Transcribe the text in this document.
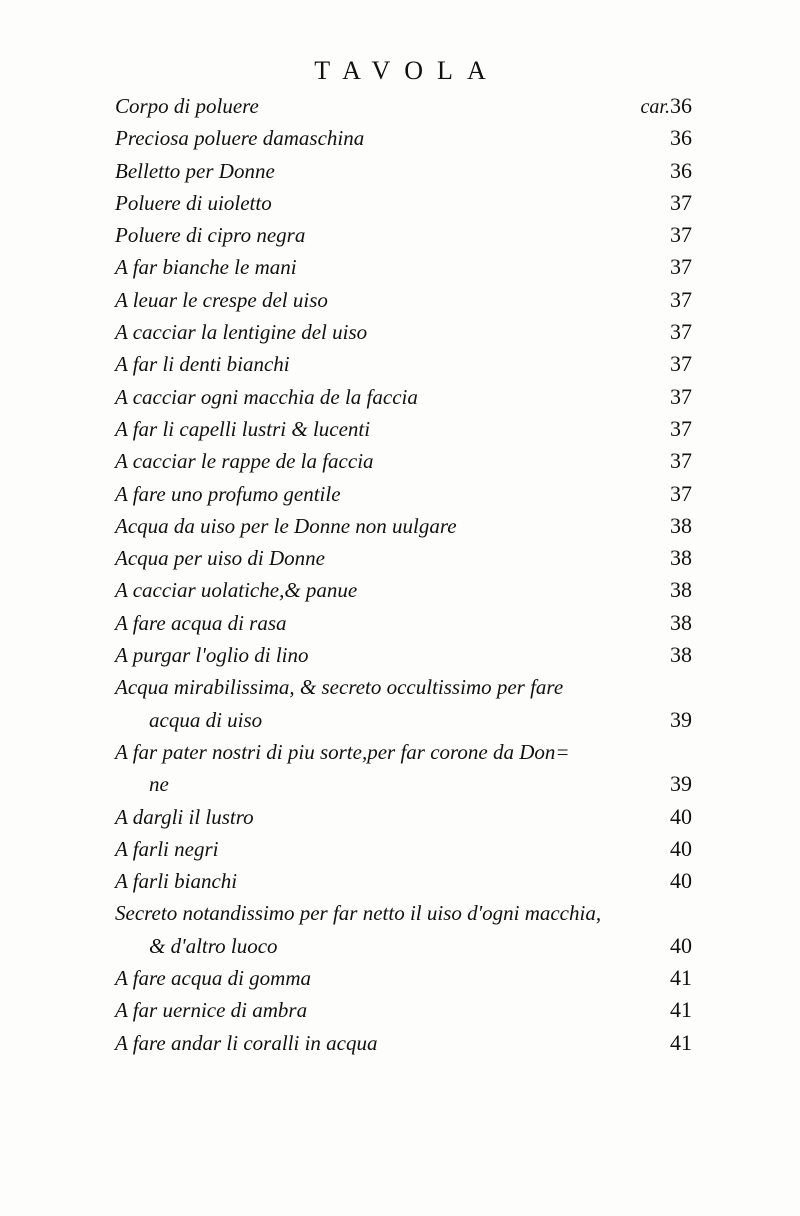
TAVOLA
Corpo di poluere	car.36
Preciosa poluere damaschina	36
Belletto per Donne	36
Poluere di uioletto	37
Poluere di cipro negra	37
A far bianche le mani	37
A leuar le crespe del uiso	37
A cacciar la lentigine del uiso	37
A far li denti bianchi	37
A cacciar ogni macchia de la faccia	37
A far li capelli lustri & lucenti	37
A cacciar le rappe de la faccia	37
A fare uno profumo gentile	37
Acqua da uiso per le Donne non uulgare	38
Acqua per uiso di Donne	38
A cacciar uolatiche,& panue	38
A fare acqua di rasa	38
A purgar l'oglio di lino	38
Acqua mirabilissima, & secreto occultissimo per fare
acqua di uiso	39
A far pater nostri di piu sorte,per far corone da Don=
ne	39
A dargli il lustro	40
A farli negri	40
A farli bianchi	40
Secreto notandissimo per far netto il uiso d'ogni macchia,
& d'altro luoco	40
A fare acqua di gomma	41
A far uernice di ambra	41
A fare andar li coralli in acqua	41
